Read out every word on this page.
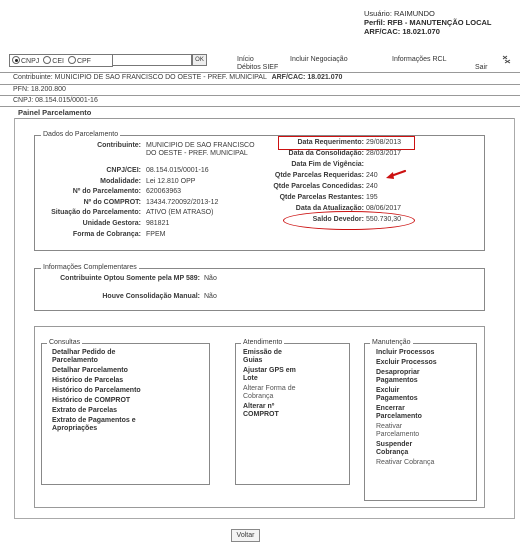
Usuário: RAIMUNDO
Perfil: RFB - MANUTENÇÃO LOCAL
ARF/CAC: 18.021.070
CNPJ	CEI	CPF	OK	Início
Débitos SIEF
Incluir Negociação	Informações RCL
Sair
Contribuinte: MUNICIPIO DE SAO FRANCISCO DO OESTE - PREF. MUNICIPAL ARF/CAC: 18.021.070
PFN: 18.200.800
CNPJ: 08.154.015/0001-16
Painel Parcelamento
Dados do Parcelamento
Contribuinte: MUNICIPIO DE SAO FRANCISCO DO OESTE - PREF. MUNICIPAL
CNPJ/CEI: 08.154.015/0001-16
Modalidade: Lei 12.810 OPP
Nº do Parcelamento: 620063963
Nº do COMPROT: 13434.720092/2013-12
Situação do Parcelamento: ATIVO (EM ATRASO)
Unidade Gestora: 981821
Forma de Cobrança: FPEM
Data Requerimento: 29/08/2013
Data da Consolidação: 28/03/2017
Data Fim de Vigência:
Qtde Parcelas Requeridas: 240
Qtde Parcelas Concedidas: 240
Qtde Parcelas Restantes: 195
Data da Atualização: 08/06/2017
Saldo Devedor: 550.730,30
Informações Complementares
Contribuinte Optou Somente pela MP 589: Não
Houve Consolidação Manual: Não
Consultas
Detalhar Pedido de Parcelamento
Detalhar Parcelamento
Histórico de Parcelas
Histórico do Parcelamento
Histórico de COMPROT
Extrato de Parcelas
Extrato de Pagamentos e Apropriações
Atendimento
Emissão de Guias
Ajustar GPS em Lote
Alterar Forma de Cobrança
Alterar nº COMPROT
Manutenção
Incluir Processos
Excluir Processos
Desapropriar Pagamentos
Excluir Pagamentos
Encerrar Parcelamento
Reativar Parcelamento
Suspender Cobrança
Reativar Cobrança
Voltar
